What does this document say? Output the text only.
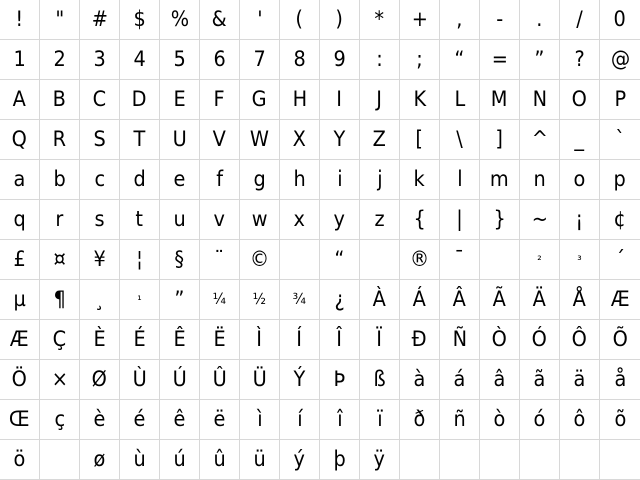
! " # $ % & ' ( ) * + , - . / 0
1 2 3 4 5 6 7 8 9 : ; “ = ” ? @
A B C D E F G H I J K L M N O P
Q R S T U V W X Y Z [ \ ] ^ _ `
a b c d e f g h i j k l m n o p
q r s t u v w x y z { | } ~ ¡ ¢
£ ¤ ¥ ¦ § ¨ ©	“	® ¯	²	³ ´
µ ¶ ¸	¹ ” ¼ ½ ¾ ¿ À Á Â Ã Ä Å Æ
Æ Ç È É Ê Ë Ì Í Î Ï Ð Ñ Ò Ó Ô Õ
Ö × Ø Ù Ú Û Ü Ý Þ ß à á â ã ä å
Œ ç è é ê ë ì í î ï ð ñ ò ó ô õ
ö	ø ù ú û ü ý þ ÿ
